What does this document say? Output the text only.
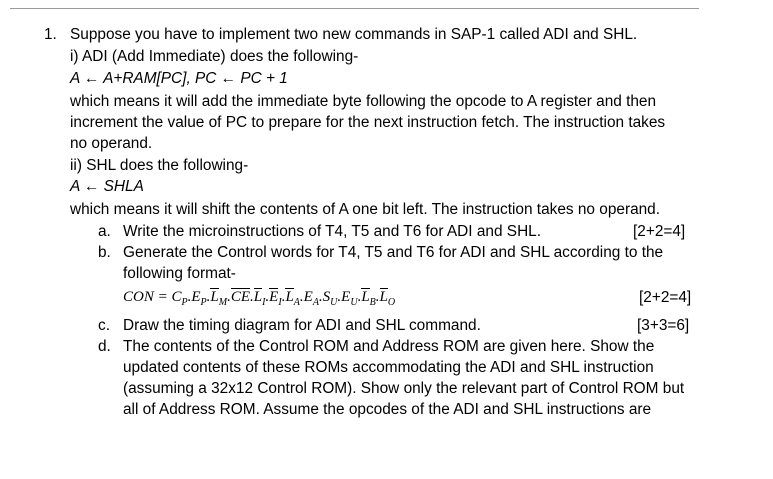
1. Suppose you have to implement two new commands in SAP-1 called ADI and SHL.
i) ADI (Add Immediate) does the following-
A ← A+RAM[PC], PC ← PC + 1
which means it will add the immediate byte following the opcode to A register and then
increment the value of PC to prepare for the next instruction fetch. The instruction takes
no operand.
ii) SHL does the following-
A ← SHLA
which means it will shift the contents of A one bit left. The instruction takes no operand.
a. Write the microinstructions of T4, T5 and T6 for ADI and SHL.	[2+2=4]
b. Generate the Control words for T4, T5 and T6 for ADI and SHL according to the
following format-
CON = $C_P.E_P.L_M.CE.L_I.E_I.L_A.E_A.S_U.E_U.L_B.L_O$	[2+2=4]
c. Draw the timing diagram for ADI and SHL command.	[3+3=6]
d. The contents of the Control ROM and Address ROM are given here. Show the
updated contents of these ROMs accommodating the ADI and SHL instruction
(assuming a 32x12 Control ROM). Show only the relevant part of Control ROM but
all of Address ROM. Assume the opcodes of the ADI and SHL instructions are
